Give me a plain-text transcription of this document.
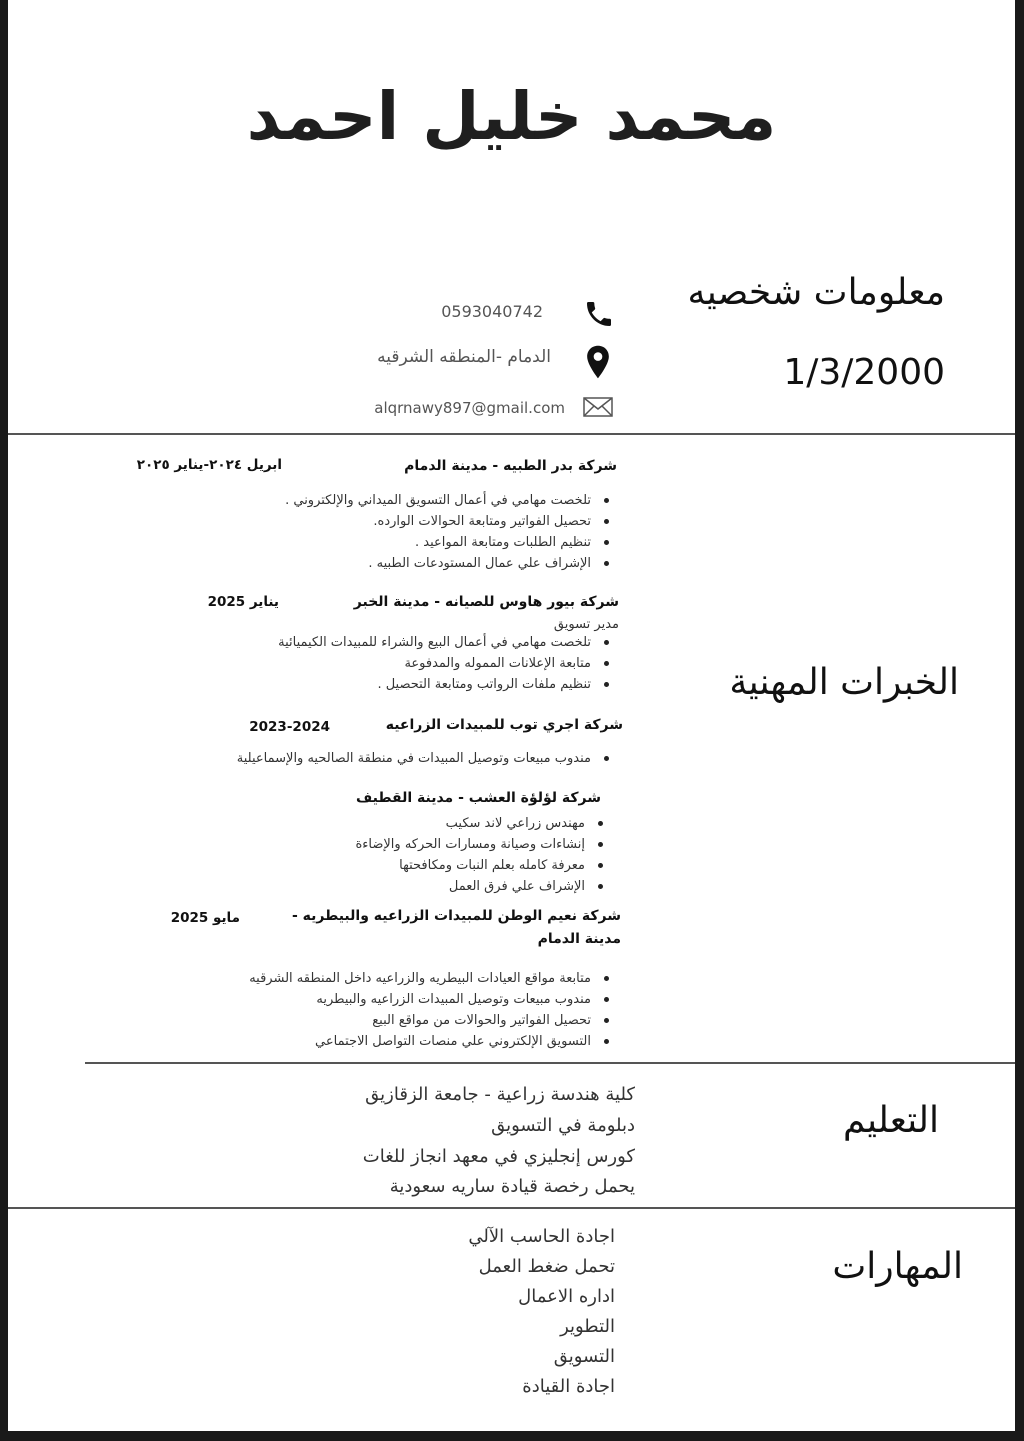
محمد خليل احمد
معلومات شخصيه
1/3/2000
0593040742
الدمام -المنطقه الشرقيه
alqrnawy897@gmail.com
الخبرات المهنية
شركة بدر الطبيه - مدينة الدمام
ابريل ٢٠٢٤-يناير ٢٠٢٥
تلخصت مهامي في أعمال التسويق الميداني والإلكتروني .
تحصيل الفواتير ومتابعة الحوالات الوارده.
تنظيم الطلبات ومتابعة المواعيد .
الإشراف علي عمال المستودعات الطبيه .
شركة بيور هاوس للصيانه - مدينة الخبر
يناير 2025
مدير تسويق
تلخصت مهامي في أعمال البيع والشراء للمبيدات الكيميائية
متابعة الإعلانات المموله والمدفوعة
تنظيم ملفات الرواتب ومتابعة التحصيل .
شركة اجري توب للمبيدات الزراعيه
2023-2024
مندوب مبيعات وتوصيل المبيدات في منطقة الصالحيه والإسماعيلية
شركة لؤلؤة العشب - مدينة القطيف
مهندس زراعي لاند سكيب
إنشاءات وصيانة ومسارات الحركه والإضاءة
معرفة كامله بعلم النبات ومكافحتها
الإشراف علي فرق العمل
شركة نعيم الوطن للمبيدات الزراعيه والبيطريه -
مدينة الدمام
مايو 2025
متابعة مواقع العيادات البيطريه والزراعيه داخل المنطقه الشرقيه
مندوب مبيعات وتوصيل المبيدات الزراعيه والبيطريه
تحصيل الفواتير والحوالات من مواقع البيع
التسويق الإلكتروني علي منصات التواصل الاجتماعي
التعليم
كلية هندسة زراعية - جامعة الزقازيق
دبلومة في التسويق
كورس إنجليزي في معهد انجاز للغات
يحمل رخصة قيادة ساريه سعودية
المهارات
اجادة الحاسب الآلي
تحمل ضغط العمل
اداره الاعمال
التطوير
التسويق
اجادة القيادة
